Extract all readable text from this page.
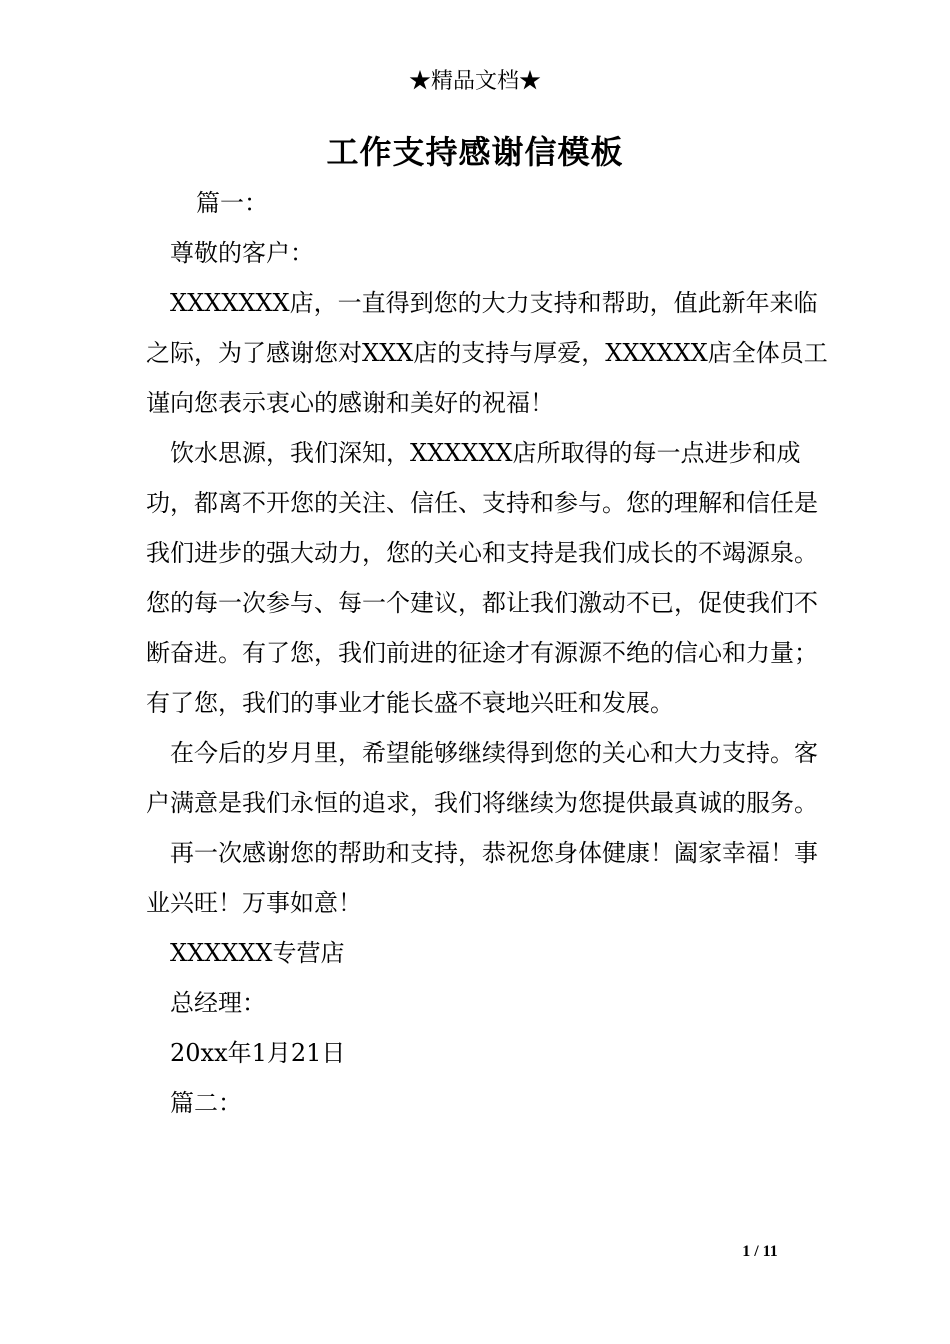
★精品文档★
工作支持感谢信模板

篇一：

尊敬的客户：

XXXXXXX店，一直得到您的大力支持和帮助，值此新年来临之际，为了感谢您对XXX店的支持与厚爱，XXXXXX店全体员工谨向您表示衷心的感谢和美好的祝福！

饮水思源，我们深知，XXXXXX店所取得的每一点进步和成功，都离不开您的关注、信任、支持和参与。您的理解和信任是我们进步的强大动力，您的关心和支持是我们成长的不竭源泉。您的每一次参与、每一个建议，都让我们激动不已，促使我们不断奋进。有了您，我们前进的征途才有源源不绝的信心和力量；有了您，我们的事业才能长盛不衰地兴旺和发展。

在今后的岁月里，希望能够继续得到您的关心和大力支持。客户满意是我们永恒的追求，我们将继续为您提供最真诚的服务。

再一次感谢您的帮助和支持，恭祝您身体健康！阖家幸福！事业兴旺！万事如意！

XXXXXX专营店

总经理：

20xx年1月21日

篇二：

1 / 11
